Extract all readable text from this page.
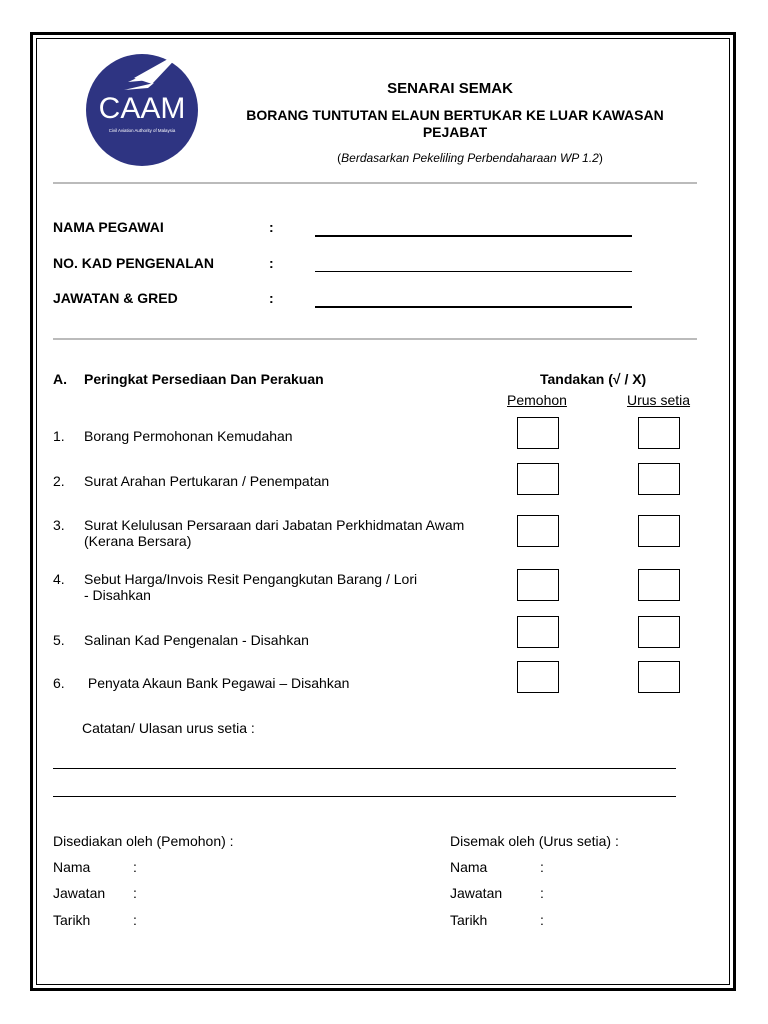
CAAM
Civil Aviation Authority of Malaysia
SENARAI SEMAK
BORANG TUNTUTAN ELAUN BERTUKAR KE LUAR KAWASAN PEJABAT
(Berdasarkan Pekeliling Perbendaharaan WP 1.2)
NAMA PEGAWAI	:
NO. KAD PENGENALAN	:
JAWATAN & GRED	:
A. Peringkat Persediaan Dan Perakuan	Tandakan (√ / X)
Pemohon	Urus setia
1. Borang Permohonan Kemudahan
2. Surat Arahan Pertukaran / Penempatan
3. Surat Kelulusan Persaraan dari Jabatan Perkhidmatan Awam
(Kerana Bersara)
4. Sebut Harga/Invois Resit Pengangkutan Barang / Lori
- Disahkan
5. Salinan Kad Pengenalan - Disahkan
6. Penyata Akaun Bank Pegawai – Disahkan
Catatan/ Ulasan urus setia :
Disediakan oleh (Pemohon) :
Nama	:
Jawatan :
Tarikh	:
Disemak oleh (Urus setia) :
Nama	:
Jawatan	:
Tarikh	:
